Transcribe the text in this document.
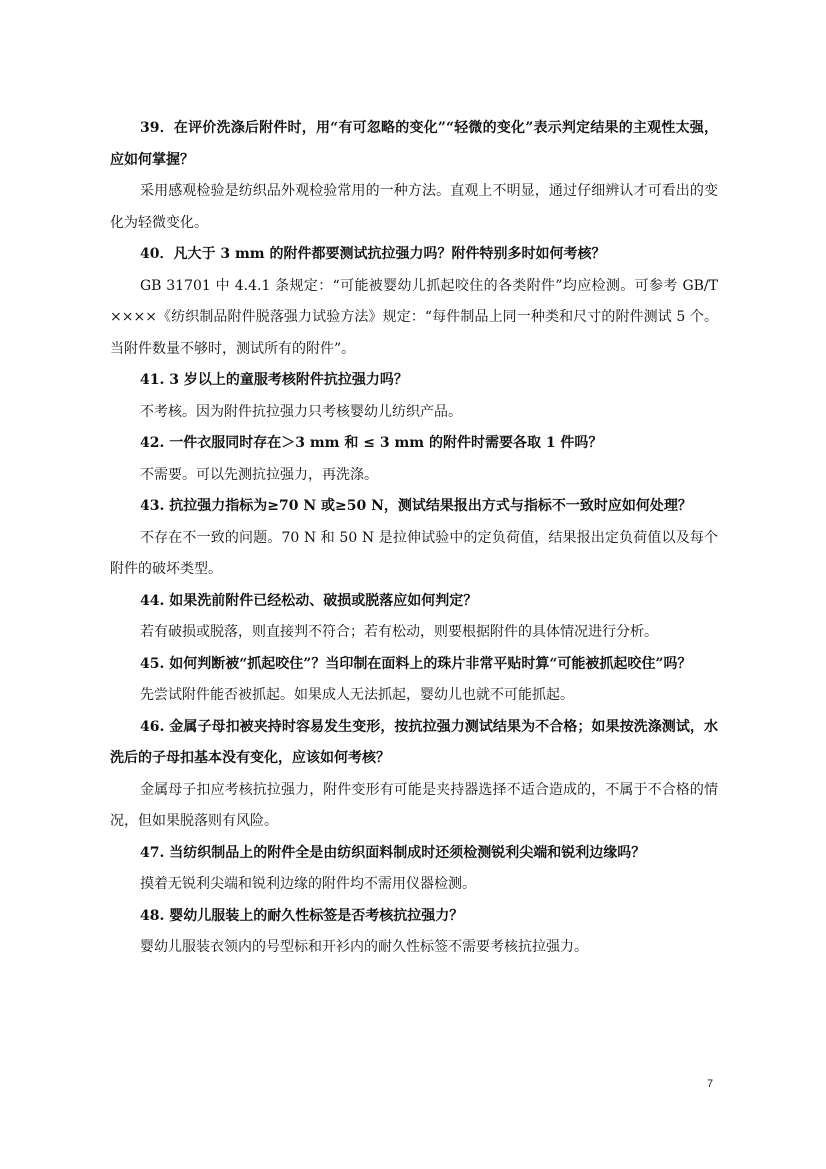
39．在评价洗涤后附件时，用“有可忽略的变化”“轻微的变化”表示判定结果的主观性太强，应如何掌握？

采用感观检验是纺织品外观检验常用的一种方法。直观上不明显，通过仔细辨认才可看出的变化为轻微变化。

40．凡大于 3 mm 的附件都要测试抗拉强力吗？附件特别多时如何考核？

GB 31701 中 4.4.1 条规定：“可能被婴幼儿抓起咬住的各类附件”均应检测。可参考 GB/T ××××《纺织制品附件脱落强力试验方法》规定：“每件制品上同一种类和尺寸的附件测试 5 个。当附件数量不够时，测试所有的附件”。

41. 3 岁以上的童服考核附件抗拉强力吗？

不考核。因为附件抗拉强力只考核婴幼儿纺织产品。

42. 一件衣服同时存在＞3 mm 和 ≤ 3 mm 的附件时需要各取 1 件吗？

不需要。可以先测抗拉强力，再洗涤。

43. 抗拉强力指标为≥70 N 或≥50 N，测试结果报出方式与指标不一致时应如何处理？

不存在不一致的问题。70 N 和 50 N 是拉伸试验中的定负荷值，结果报出定负荷值以及每个附件的破坏类型。

44. 如果洗前附件已经松动、破损或脱落应如何判定？

若有破损或脱落，则直接判不符合；若有松动，则要根据附件的具体情况进行分析。

45. 如何判断被“抓起咬住”？当印制在面料上的珠片非常平贴时算“可能被抓起咬住”吗？

先尝试附件能否被抓起。如果成人无法抓起，婴幼儿也就不可能抓起。

46. 金属子母扣被夹持时容易发生变形，按抗拉强力测试结果为不合格；如果按洗涤测试，水洗后的子母扣基本没有变化，应该如何考核？

金属母子扣应考核抗拉强力，附件变形有可能是夹持器选择不适合造成的，不属于不合格的情况，但如果脱落则有风险。

47. 当纺织制品上的附件全是由纺织面料制成时还须检测锐利尖端和锐利边缘吗？

摸着无锐利尖端和锐利边缘的附件均不需用仪器检测。

48. 婴幼儿服装上的耐久性标签是否考核抗拉强力？

婴幼儿服装衣领内的号型标和开衫内的耐久性标签不需要考核抗拉强力。

7
